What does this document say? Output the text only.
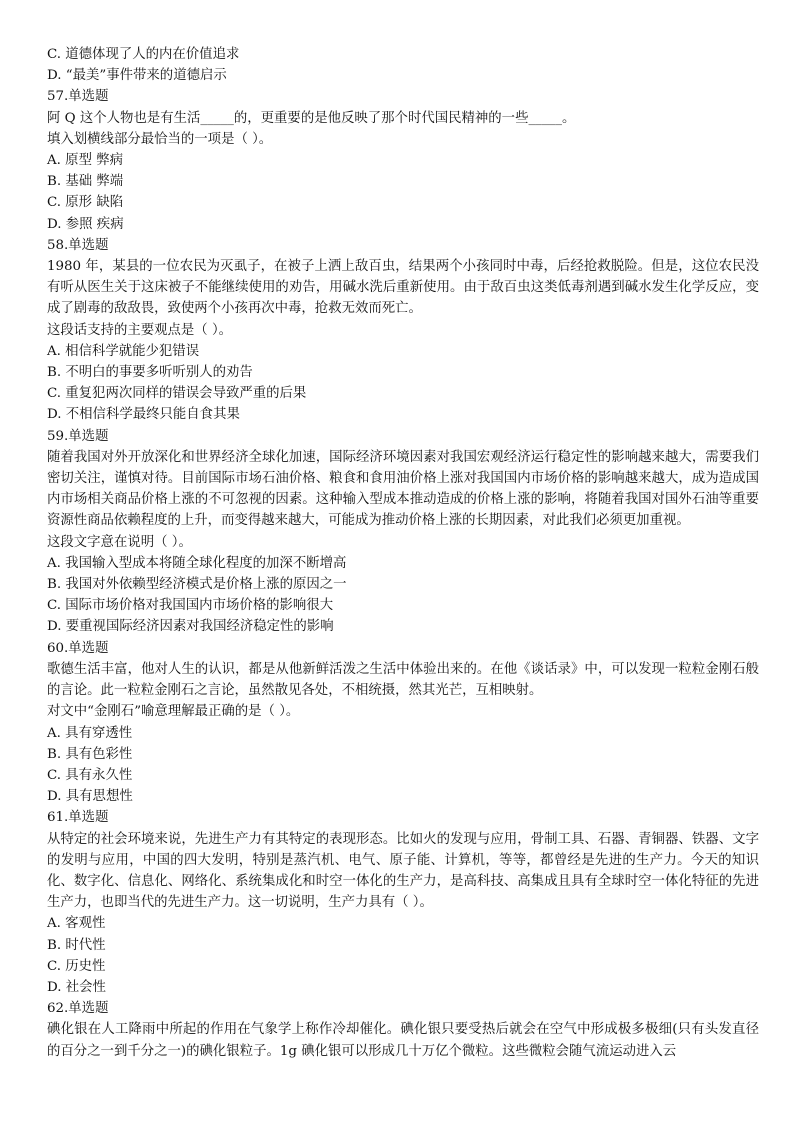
C. 道德体现了人的内在价值追求
D. “最美”事件带来的道德启示
57.单选题
阿 Q 这个人物也是有生活_____的，更重要的是他反映了那个时代国民精神的一些_____。
填入划横线部分最恰当的一项是（ ）。
A. 原型 弊病
B. 基础 弊端
C. 原形 缺陷
D. 参照 疾病
58.单选题
1980 年，某县的一位农民为灭虱子，在被子上洒上敌百虫，结果两个小孩同时中毒，后经抢救脱险。但是，这位农民没有听从医生关于这床被子不能继续使用的劝告，用碱水洗后重新使用。由于敌百虫这类低毒剂遇到碱水发生化学反应，变成了剧毒的敌敌畏，致使两个小孩再次中毒，抢救无效而死亡。
这段话支持的主要观点是（ ）。
A. 相信科学就能少犯错误
B. 不明白的事要多听听别人的劝告
C. 重复犯两次同样的错误会导致严重的后果
D. 不相信科学最终只能自食其果
59.单选题
随着我国对外开放深化和世界经济全球化加速，国际经济环境因素对我国宏观经济运行稳定性的影响越来越大，需要我们密切关注，谨慎对待。目前国际市场石油价格、粮食和食用油价格上涨对我国国内市场价格的影响越来越大，成为造成国内市场相关商品价格上涨的不可忽视的因素。这种输入型成本推动造成的价格上涨的影响，将随着我国对国外石油等重要资源性商品依赖程度的上升，而变得越来越大，可能成为推动价格上涨的长期因素，对此我们必须更加重视。
这段文字意在说明（ ）。
A. 我国输入型成本将随全球化程度的加深不断增高
B. 我国对外依赖型经济模式是价格上涨的原因之一
C. 国际市场价格对我国国内市场价格的影响很大
D. 要重视国际经济因素对我国经济稳定性的影响
60.单选题
歌德生活丰富，他对人生的认识，都是从他新鲜活泼之生活中体验出来的。在他《谈话录》中，可以发现一粒粒金刚石般的言论。此一粒粒金刚石之言论，虽然散见各处，不相统摄，然其光芒，互相映射。
对文中“金刚石”喻意理解最正确的是（ ）。
A. 具有穿透性
B. 具有色彩性
C. 具有永久性
D. 具有思想性
61.单选题
从特定的社会环境来说，先进生产力有其特定的表现形态。比如火的发现与应用，骨制工具、石器、青铜器、铁器、文字的发明与应用，中国的四大发明，特别是蒸汽机、电气、原子能、计算机，等等，都曾经是先进的生产力。今天的知识化、数字化、信息化、网络化、系统集成化和时空一体化的生产力，是高科技、高集成且具有全球时空一体化特征的先进生产力，也即当代的先进生产力。这一切说明，生产力具有（ ）。
A. 客观性
B. 时代性
C. 历史性
D. 社会性
62.单选题
碘化银在人工降雨中所起的作用在气象学上称作冷却催化。碘化银只要受热后就会在空气中形成极多极细(只有头发直径的百分之一到千分之一)的碘化银粒子。1g 碘化银可以形成几十万亿个微粒。这些微粒会随气流运动进入云
